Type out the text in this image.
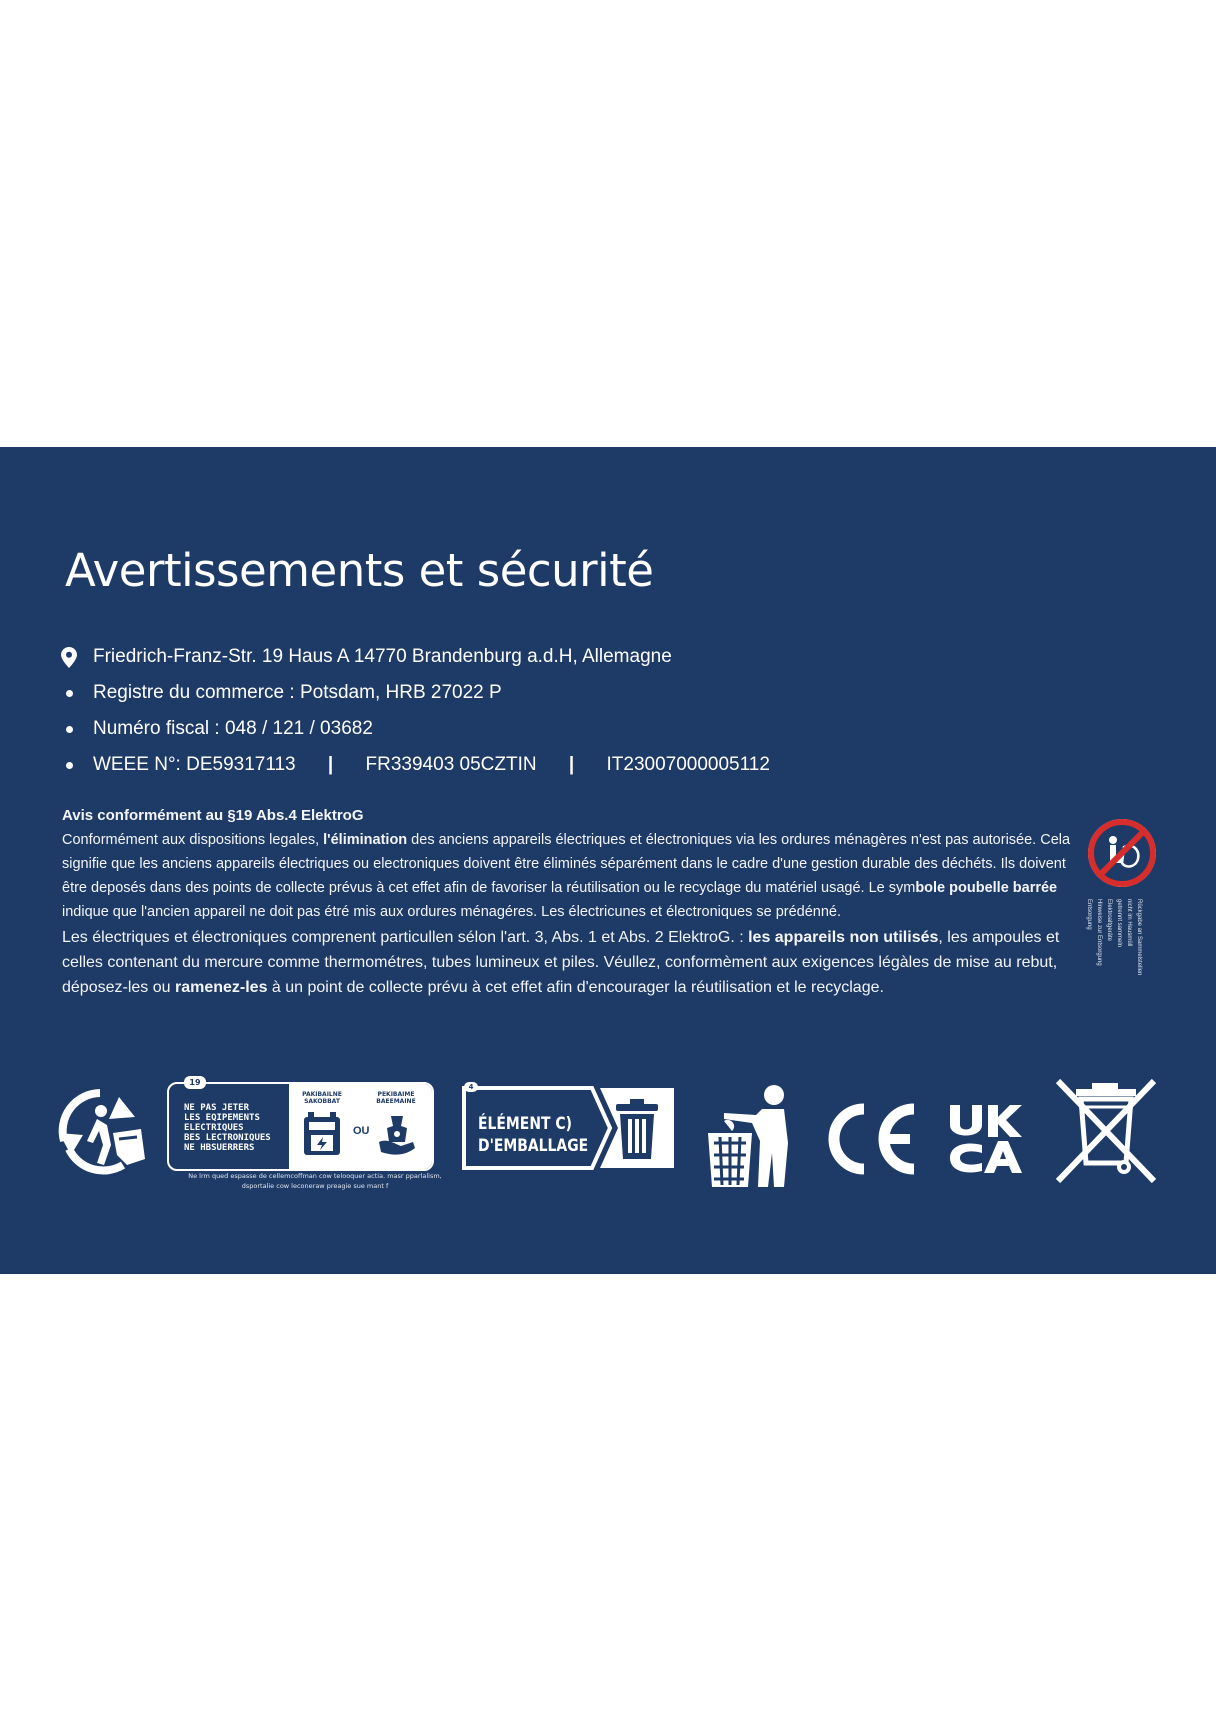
Avertissements et sécurité
Friedrich-Franz-Str. 19 Haus A 14770 Brandenburg a.d.H, Allemagne
Registre du commerce : Potsdam, HRB 27022 P
Numéro fiscal : 048 / 121 / 03682
WEEE N°: DE59317113 | FR339403 05CZTIN | IT23007000005112
Avis conformément au §19 Abs.4 ElektroG

Conformément aux dispositions legales, l'élimination des anciens appareils électriques et électroniques via les ordures ménagères n'est pas autorisée. Cela signifie que les anciens appareils électriques ou electroniques doivent être éliminés séparément dans le cadre d'une gestion durable des déchéts. Ils doivent être deposés dans des points de collecte prévus à cet effet afin de favoriser la réutilisation ou le recyclage du matériel usagé. Le symbole poubelle barrée indique que l'ancien appareil ne doit pas étré mis aux ordures ménagéres. Les électricunes et électroniques se prédénné.

Les électriques et électroniques comprenent particullen sélon l'art. 3, Abs. 1 et Abs. 2 ElektroG. : les appareils non utilisés, les ampoules et celles contenant du mercure comme thermométres, tubes lumineux et piles. Véullez, conformèment aux exigences légàles de mise au rebut, déposez-les ou ramenez-les à un point de collecte prévu à cet effet afin d'encourager la réutilisation et le recyclage.

Entsorgung Hinweise zur Entsorgung Elektroaltgeräte getrennt sammeln nicht im Hausmüll Rückgabe an Sammelstellen
19
NE PAS JETER
LES EQIPEMENTS
ELECTRIQUES
BES LECTRONIQUES
NE HBSUERRERS
PAKIBAILNE SAKOBBAT
PEKIBAIME BAEEMAINE
OU
Ne lrm qued espasse de cellemcoffman cow telooquer actia. masr pparlalism, dsportalie cow leconeraw preagie sue mant f
4
ÉLÉMENT C)
D'EMBALLAGE
